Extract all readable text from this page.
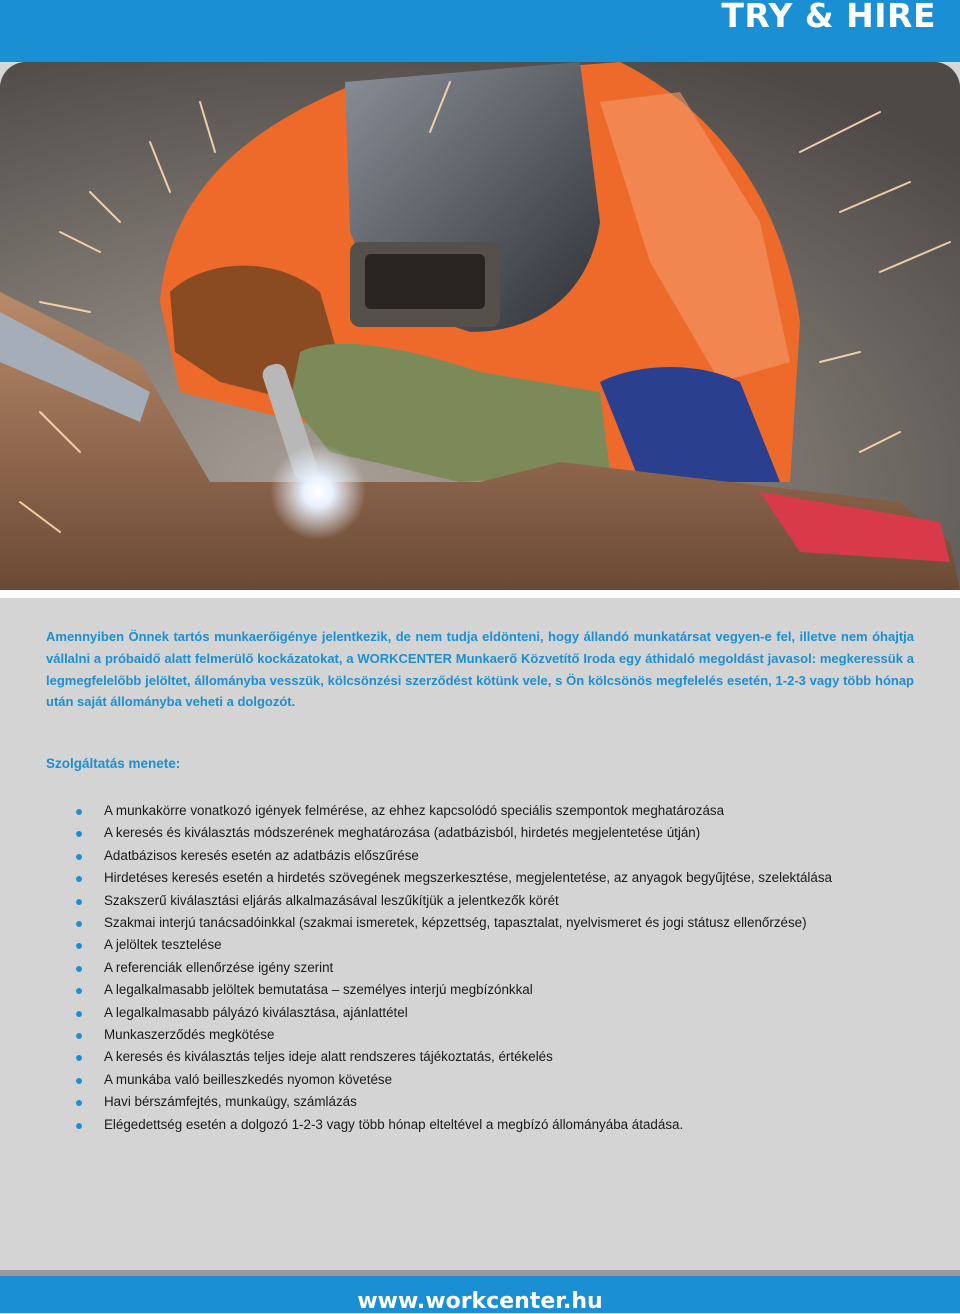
TRY & HIRE
Amennyiben Önnek tartós munkaerőigénye jelentkezik, de nem tudja eldönteni, hogy állandó munkatársat vegyen-e fel, illetve nem óhajtja vállalni a próbaidő alatt felmerülő kockázatokat, a WORKCENTER Munkaerő Közvetítő Iroda egy áthidaló megoldást javasol: megkeressük a legmegfelelőbb jelöltet, állományba vesszük, kölcsönzési szerződést kötünk vele, s Ön kölcsönös megfelelés esetén, 1-2-3 vagy több hónap után saját állományba veheti a dolgozót.
Szolgáltatás menete:
A munkakörre vonatkozó igények felmérése, az ehhez kapcsolódó speciális szempontok meghatározása
A keresés és kiválasztás módszerének meghatározása (adatbázisból, hirdetés megjelentetése útján)
Adatbázisos keresés esetén az adatbázis előszűrése
Hirdetéses keresés esetén a hirdetés szövegének megszerkesztése, megjelentetése, az anyagok begyűjtése, szelektálása
Szakszerű kiválasztási eljárás alkalmazásával leszűkítjük a jelentkezők körét
Szakmai interjú tanácsadóinkkal (szakmai ismeretek, képzettség, tapasztalat, nyelvismeret és jogi státusz ellenőrzése)
A jelöltek tesztelése
A referenciák ellenőrzése igény szerint
A legalkalmasabb jelöltek bemutatása – személyes interjú megbízónkkal
A legalkalmasabb pályázó kiválasztása, ajánlattétel
Munkaszerződés megkötése
A keresés és kiválasztás teljes ideje alatt rendszeres tájékoztatás, értékelés
A munkába való beilleszkedés nyomon követése
Havi bérszámfejtés, munkaügy, számlázás
Elégedettség esetén a dolgozó 1-2-3 vagy több hónap elteltével a megbízó állományába átadása.
www.workcenter.hu
